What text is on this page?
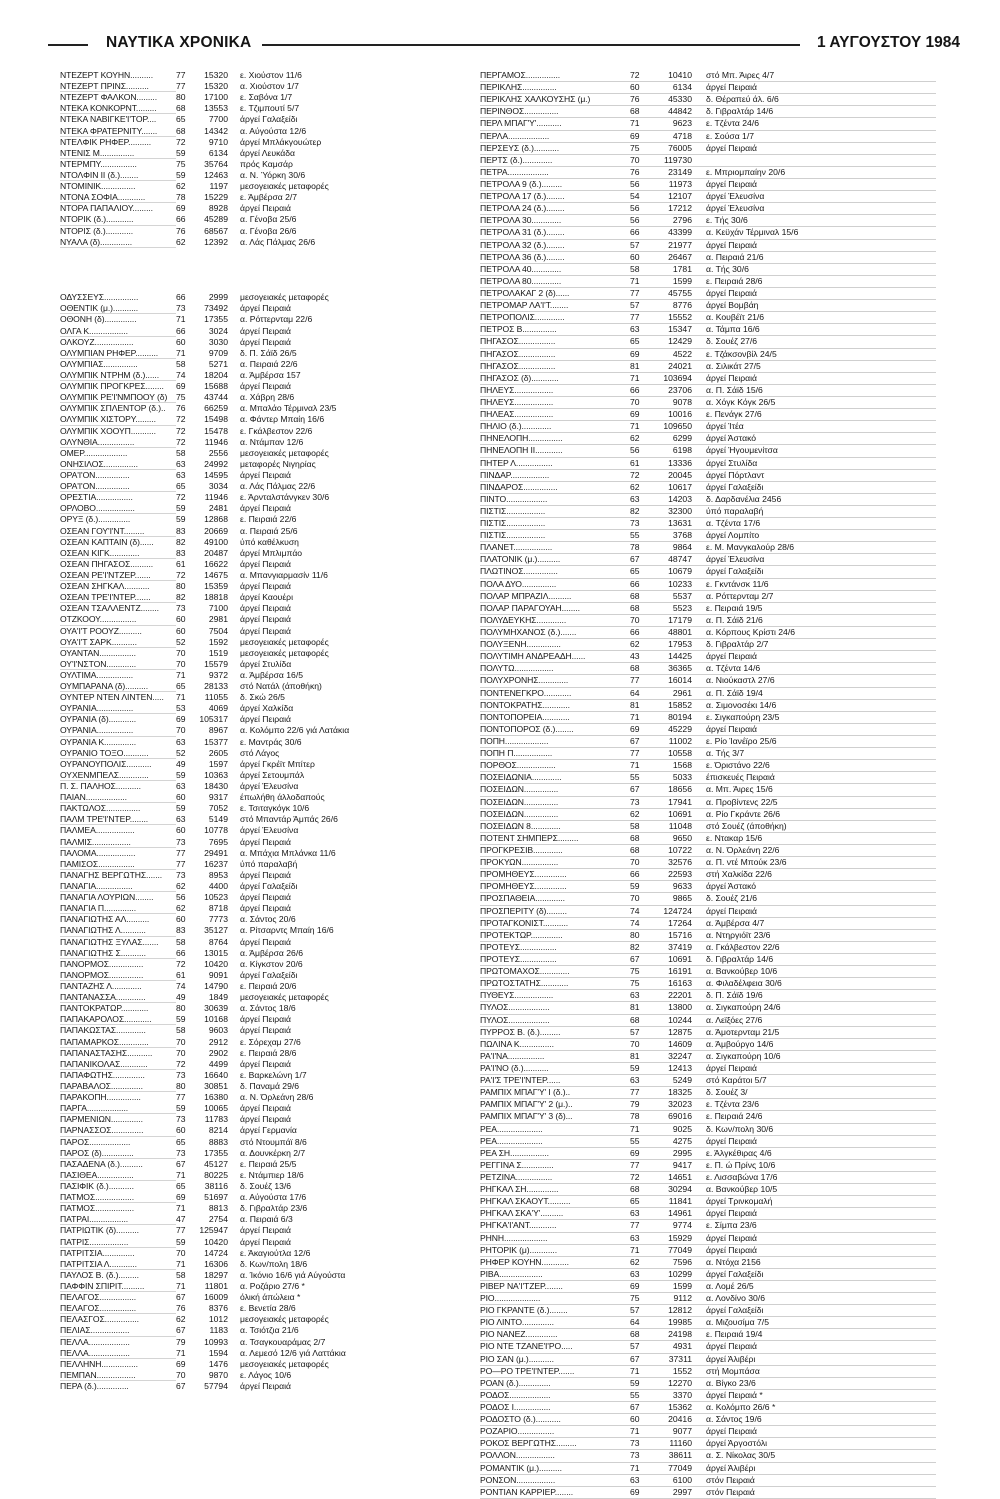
ΝΑΥΤΙΚΑ ΧΡΟΝΙΚΑ	1 ΑΥΓΟΥΣΤΟΥ 1984
ΝΤΕΖΕΡΤ ΚΟΥΗΝ..........	77	15320 ε. Χιούστον 11/6
ΝΤΕΖΕΡΤ ΠΡΙΝΣ..........	77	15320 α. Χιούστον 1/7
ΝΤΕΖΕΡΤ ΦΑΛΚΟΝ.........	80	17100 ε. Σαβόνα 1/7
ΝΤΕΚΑ ΚΟΝΚΟΡΝΤ.........	68	13553 ε. Τζιμπουτί 5/7
ΝΤΕΚΑ ΝΑΒΙΓΚΕ'Ι'ΤΟΡ....	65	7700 άργεί Γαλαξείδι
ΝΤΕΚΑ ΦΡΑΤΕΡΝΙΤΥ.......	68	14342 α. Αύγούστα 12/6
ΝΤΕΛΦΙΚ ΡΗΦΕΡ..........	72	9710 άργεί Μπλάκγουώτερ
ΝΤΕΝΙΣ Μ...............	59	6134 άργεί Λευκάδα
ΝΤΕΡΜΠΥ................	75	35764 πρός Καμσάρ
ΝΤΟΛΦΙΝ ΙΙ (δ.)........	59	12463 α. Ν. Ύόρκη 30/6
ΝΤΟΜΙΝΙΚ...............	62	1197 μεσογειακές μεταφορές
ΝΤΟΝΑ ΣΟΦΙΑ............	78	15229 ε. Άμβέρσα 2/7
ΝΤΟΡΑ ΠΑΠΑΛΙΟΥ.........	69	8928 άργεί Πειραιά
ΝΤΟΡΙΚ (δ.)............	66	45289 α. Γένοβα 25/6
ΝΤΟΡΙΣ (δ.)............	76	68567 α. Γένοβα 26/6
ΝΥΑΛΑ (δ)..............	62	12392 α. Λάς Πάλμας 26/6
ΟΔΥΣΣΕΥΣ...............	66	2999 μεσογειακές μεταφορές
ΟΘΕΝΤΙΚ (μ.)...........	73	73492 άργεί Πειραιά
ΟΘΟΝΗ (δ)..............	71	17355 α. Ρόττερνταμ 22/6
ΟΛΓΑ Κ.................	66	3024 άργεί Πειραιά
ΟΛΚΟΥΖ.................	60	3030 άργεί Πειραιά
ΟΛΥΜΠΙΑΝ ΡΗΦΕΡ..........	71	9709 δ. Π. Σάϊδ 26/5
ΟΛΥΜΠΙΑΣ...............	58	5271 α. Πειραιά 22/6
ΟΛΥΜΠΙΚ ΝΤΡΗΜ (δ.)......	74	18204 α. Άμβέρσα 157
ΟΛΥΜΠΙΚ ΠΡΟΓΚΡΕΣ........	69	15688 άργεί Πειραιά
ΟΛΥΜΠΙΚ ΡΕ'Ι'ΝΜΠΟΟΥ (δ)	75	43744 α. Χάβρη 28/6
ΟΛΥΜΠΙΚ ΣΠΛΕΝΤΟΡ (δ.)..	76	66259 α. Μπαλάο Τέρμιναλ 23/5
ΟΛΥΜΠΙΚ ΧΙΣΤΟΡΥ.........	72	15498 α. Φάντερ Μπαίη 16/6
ΟΛΥΜΠΙΚ ΧΟΟΥΠ...........	72	15478 ε. Γκάλβεστον 22/6
ΟΛΥΝΘΙΑ................	72	11946 α. Ντάμπαν 12/6
ΟΜΕΡ...................	58	2556 μεσογειακές μεταφορές
ΟΝΗΣΙΛΟΣ...............	63	24992 μεταφορές Νιγηρίας
ΟΡΑ'Ι'ΟΝ...............	63	14595 άργεί Πειραιά
ΟΡΑ'Ι'ΟΝ...............	65	3034 α. Λάς Πάλμας 22/6
ΟΡΕΣΤΙΑ................	72	11946 ε. Άρνταλστάνγκεν 30/6
ΟΡΛΟΒΟ.................	59	2481 άργεί Πειραιά
ΟΡΥΞ (δ.)..............	59	12868 ε. Πειραιά 22/6
ΟΣΕΑΝ ΓΟΥ'Ι'ΝΤ.........	83	20669 α. Πειραιά 25/6
ΟΣΕΑΝ ΚΑΠΤΑΙΝ (δ)......	82	49100 ύπό καθέλκυση
ΟΣΕΑΝ ΚΙΓΚ.............	83	20487 άργεί Μπλιμπάο
ΟΣΕΑΝ ΠΗΓΑΣΟΣ..........	61	16622 άργεί Πειραιά
ΟΣΕΑΝ ΡΕ'Ι'ΝΤΖΕΡ.......	72	14675 α. Μπανγιαρμασίν 11/6
ΟΣΕΑΝ ΣΗΓΚΑΛ...........	80	15359 άργεί Πειραιά
ΟΣΕΑΝ ΤΡΕ'Ι'ΝΤΕΡ.......	82	18818 άργεί Καουέρι
ΟΣΕΑΝ ΤΣΑΛΛΕΝΤΖ........	73	7100 άργεί Πειραιά
ΟΤΖΚΟΟΥ................	60	2981 άργεί Πειραιά
ΟΥΑ'Ι'Τ ΡΟΟΥΖ..........	60	7504 άργεί Πειραιά
ΟΥΑ'Ι'Τ ΣΑΡΚ...........	52	1592 μεσογειακές μεταφορές
ΟΥΑΝΤΑΝ................	70	1519 μεσογειακές μεταφορές
ΟΥ'Ι'ΝΣΤΟΝ.............	70	15579 άργεί Στυλίδα
ΟΥΛΤΙΜΑ................	71	9372 α. Άμβέρσα 16/5
ΟΥΜΠΑΡΑΝΑ (δ)..........	65	28133 στό Νατάλ (άποθήκη)
ΟΥΝΤΕΡ ΝΤΕΝ ΛΙΝΤΕΝ.....	71	11055 δ. Σκώ 26/5
ΟΥΡΑΝΙΑ................	53	4069 άργεί Χαλκίδα
ΟΥΡΑΝΙΑ (δ)............	69	105317 άργεί Πειραιά
ΟΥΡΑΝΙΑ................	70	8967 α. Κολόμπο 22/6 γιά Λατάκια
ΟΥΡΑΝΙΑ Κ..............	63	15377 ε. Μαντράς 30/6
ΟΥΡΑΝΙΟ ΤΟΞΟ...........	52	2605 στό Λάγος
ΟΥΡΑΝΟΥΠΟΛΙΣ...........	49	1597 άργεί Γκρέϊτ Μπίτερ
ΟΥΧΕΝΜΠΕΛΣ.............	59	10363 άργεί Σετουμπάλ
Π. Σ. ΠΑΛΗΟΣ...........	63	18430 άργεί Έλευσίνα
ΠΑΙΑΝ..................	60	9317 έπωλήθη άλλοδαπούς
ΠΑΚΤΩΛΟΣ...............	59	7052 ε. Τσιταγκόγκ 10/6
ΠΑΛΜ ΤΡΕ'Ι'ΝΤΕΡ........	63	5149 στό Μπαντάρ Άμπάς 26/6
ΠΑΛΜΕΑ.................	60	10778 άργεί Έλευσίνα
ΠΑΛΜΙΣ.................	73	7695 άργεί Πειραιά
ΠΑΛΟΜΑ.................	77	29491 α. Μπάχια Μπλάνκα 11/6
ΠΑΜΙΣΟΣ................	77	16237 ύπό παραλαβή
ΠΑΝΑΓΗΣ ΒΕΡΓΩΤΗΣ.......	73	8953 άργεί Πειραιά
ΠΑΝΑΓΙΑ................	62	4400 άργεί Γαλαξείδι
ΠΑΝΑΓΙΑ ΛΟΥΡΙΩΝ........	56	10523 άργεί Πειραιά
ΠΑΝΑΓΙΑ Π..............	62	8718 άργεί Πειραιά
ΠΑΝΑΓΙΩΤΗΣ ΑΛ..........	60	7773 α. Σάντος 20/6
ΠΑΝΑΓΙΩΤΗΣ Λ...........	83	35127 α. Ρίτσαρντς Μπαίη 16/6
ΠΑΝΑΓΙΩΤΗΣ ΞΥΛΑΣ.......	58	8764 άργεί Πειραιά
ΠΑΝΑΓΙΩΤΗΣ Σ...........	66	13015 α. Άμβέρσα 26/6
ΠΑΝΟΡΜΟΣ...............	72	10420 α. Κίγκστον 20/6
ΠΑΝΟΡΜΟΣ...............	61	9091 άργεί Γαλαξείδι
ΠΑΝΤΑΖΗΣ Λ.............	74	14790 ε. Πειραιά 20/6
ΠΑΝΤΑΝΑΣΣΑ.............	49	1849 μεσογειακές μεταφορές
ΠΑΝΤΟΚΡΑΤΩΡ............	80	30639 α. Σάντος 18/6
ΠΑΠΑΚΑΡΟΛΟΣ............	59	10168 άργεί Πειραιά
ΠΑΠΑΚΩΣΤΑΣ.............	58	9603 άργεί Πειραιά
ΠΑΠΑΜΑΡΚΟΣ.............	70	2912 ε. Σόρεχαμ 27/6
ΠΑΠΑΝΑΣΤΑΣΗΣ...........	70	2902 ε. Πειραιά 28/6
ΠΑΠΑΝΙΚΟΛΑΣ............	72	4499 άργεί Πειραιά
ΠΑΠΑΦΩΤΗΣ..............	73	16640 ε. Βαρκελώνη 1/7
ΠΑΡΑΒΑΛΟΣ..............	80	30851 δ. Παναμά 29/6
ΠΑΡΑΚΟΠΗ...............	77	16380 α. Ν. Όρλεάνη 28/6
ΠΑΡΓΑ..................	59	10065 άργεί Πειραιά
ΠΑΡΜΕΝΙΩΝ..............	73	11783 άργεί Πειραιά
ΠΑΡΝΑΣΣΟΣ..............	60	8214 άργεί Γερμανία
ΠΑΡΟΣ..................	65	8883 στό Ντουμπάϊ 8/6
ΠΑΡΟΣ (δ)..............	73	17355 α. Δουνκέρκη 2/7
ΠΑΣΑΔΕΝΑ (δ.)..........	67	45127 ε. Πειραιά 25/5
ΠΑΣΙΘΕΑ................	71	80225 ε. Ντάμπιερ 18/6
ΠΑΣΙΦΙΚ (δ.)...........	65	38116 δ. Σουέζ 13/6
ΠΑΤΜΟΣ.................	69	51697 α. Αύγούστα 17/6
ΠΑΤΜΟΣ.................	71	8813 δ. Γιβραλτάρ 23/6
ΠΑΤΡΑΙ.................	47	2754 α. Πειραιά 6/3
ΠΑΤΡΙΩΤΙΚ (δ)..........	77	125947 άργεί Πειραιά
ΠΑΤΡΙΣ.................	59	10420 άργεί Πειραιά
ΠΑΤΡΙΤΣΙΑ..............	70	14724 ε. Άκαγιούτλα 12/6
ΠΑΤΡΙΤΣΙΑ Λ............	71	16306 δ. Κων/πολη 18/6
ΠΑΥΛΟΣ Β. (δ.).........	58	18297 α. Ίκόνιο 16/6 γιά Αύγούστα
ΠΑΦΦΙΝ ΣΠΙΡΙΤ..........	71	11801 α. Ροζάριο 27/6 *
ΠΕΛΑΓΟΣ................	67	16009 όλική άπώλεια *
ΠΕΛΑΓΟΣ................	76	8376 ε. Βενετία 28/6
ΠΕΛΑΣΓΟΣ...............	62	1012 μεσογειακές μεταφορές
ΠΕΛΙΑΣ.................	67	1183 α. Τσιότζια 21/6
ΠΕΛΛΑ..................	79	10993 α. Τσαγκουαράμας 2/7
ΠΕΛΛΑ..................	71	1594 α. Λεμεσό 12/6 γιά Λαττάκια
ΠΕΛΛΗΝΗ................	69	1476 μεσογειακές μεταφορές
ΠΕΜΠΑΝ.................	70	9870 ε. Λάγος 10/6
ΠΕΡΑ (δ.)..............	67	57794 άργεί Πειραιά
ΠΕΡΓΑΜΟΣ...............	72	10410 στό Μπ. Άιρες 4/7
ΠΕΡΙΚΛΗΣ...............	60	6134 άργεί Πειραιά
ΠΕΡΙΚΛΗΣ ΧΑΛΚΟΥΣΗΣ (μ.)	76	45330 δ. Θέραπεύ άλ. 6/6
ΠΕΡΙΝΘΟΣ...............	68	44842 δ. Γιβραλτάρ 14/6
ΠΕΡΛ ΜΠΑΓ'Υ'...........	71	9623 ε. Τζέντα 24/6
ΠΕΡΛΑ..................	69	4718 ε. Σούσα 1/7
ΠΕΡΣΕΥΣ (δ.)...........	75	76005 άργεί Πειραιά
ΠΕΡΤΣ (δ.).............	70	119730
ΠΕΤΡΑ..................	76	23149 ε. Μπριομπαίην 20/6
ΠΕΤΡΟΛΑ 9 (δ.).........	56	11973 άργεί Πειραιά
ΠΕΤΡΟΛΑ 17 (δ.)........	54	12107 άργεί Έλευσίνα
ΠΕΤΡΟΛΑ 24 (δ.)........	56	17212 άργεί Έλευσίνα
ΠΕΤΡΟΛΑ 30.............	56	2796 ε. Τής 30/6
ΠΕΤΡΟΛΑ 31 (δ.)........	66	43399 α. Κεϋχάν Τέρμιναλ 15/6
ΠΕΤΡΟΛΑ 32 (δ.)........	57	21977 άργεί Πειραιά
ΠΕΤΡΟΛΑ 36 (δ.)........	60	26467 α. Πειραιά 21/6
ΠΕΤΡΟΛΑ 40.............	58	1781 α. Τής 30/6
ΠΕΤΡΟΛΑ 80.............	71	1599 ε. Πειραιά 28/6
ΠΕΤΡΟΛΑΚΑΓ 2 (δ)......	77	45755 άργεί Πειραιά
ΠΕΤΡΟΜΑΡ ΛΑ'Ι'Τ........	57	8776 άργεί Βομβάη
ΠΕΤΡΟΠΟΛΙΣ.............	77	15552 α. Κουβέϊτ 21/6
ΠΕΤΡΟΣ Β...............	63	15347 α. Τάμπα 16/6
ΠΗΓΑΣΟΣ................	65	12429 δ. Σουέζ 27/6
ΠΗΓΑΣΟΣ................	69	4522 ε. Τζάκσονβίλ 24/5
ΠΗΓΑΣΟΣ................	81	24021 α. Σιλικάτ 27/5
ΠΗΓΑΣΟΣ (δ)............	71	103694 άργεί Πειραιά
ΠΗΛΕΥΣ.................	66	23706 α. Π. Σάϊδ 15/6
ΠΗΛΕΥΣ.................	70	9078 α. Χόγκ Κόγκ 26/5
ΠΗΛΕΑΣ.................	69	10016 ε. Πενάγκ 27/6
ΠΗΛΙΟ (δ.).............	71	109650 άργεί Ίτέα
ΠΗΝΕΛΟΠΗ...............	62	6299 άργεί Άστακό
ΠΗΝΕΛΟΠΗ ΙΙ............	56	6198 άργεί Ήγουμενίτσα
ΠΗΤΕΡ Λ................	61	13336 άργεί Στυλίδα
ΠΙΝΔΑΡ.................	72	20045 άργεί Πόρτλαντ
ΠΙΝΔΑΡΟΣ...............	62	10617 άργεί Γαλαξείδι
ΠΙΝΤΟ..................	63	14203 δ. Δαρδανέλια 2456
ΠΙΣΤΙΣ.................	82	32300 ύπό παραλαβή
ΠΙΣΤΙΣ.................	73	13631 α. Τζέντα 17/6
ΠΙΣΤΙΣ.................	55	3768 άργεί Λομπίτο
ΠΛΑΝΕΤ.................	78	9864 ε. Μ. Μανγκαλούρ 28/6
ΠΛΑΤΟΝΙΚ (μ.)..........	67	48747 άργεί Έλευσίνα
ΠΛΩΤΙΝΟΣ...............	65	10679 άργεί Γαλαξείδι
ΠΟΛΑ ΔΥΟ...............	66	10233 ε. Γκντάνσκ 11/6
ΠΟΛΑΡ ΜΠΡΑΖΙΛ..........	68	5537 α. Ρόττερνταμ 2/7
ΠΟΛΑΡ ΠΑΡΑΓΟΥΑΗ........	68	5523 ε. Πειραιά 19/5
ΠΟΛΥΔΕΥΚΗΣ.............	70	17179 α. Π. Σάϊδ 21/6
ΠΟΛΥΜΗΧΑΝΟΣ (δ.).......	66	48801 α. Κόρπους Κρίστι 24/6
ΠΟΛΥΞΕΝΗ...............	62	17953 δ. Γιβραλτάρ 2/7
ΠΟΛΥΤΙΜΗ ΑΝΔΡΕΑΔΗ......	43	14425 άργεί Πειραιά
ΠΟΛΥΤΩ.................	68	36365 α. Τζέντα 14/6
ΠΟΛΥΧΡΟΝΗΣ.............	77	16014 α. Νιούκαστλ 27/6
ΠΟΝΤΕΝΕΓΚΡΟ............	64	2961 α. Π. Σάϊδ 19/4
ΠΟΝΤΟΚΡΑΤΗΣ............	81	15852 α. Σιμονοσέκι 14/6
ΠΟΝΤΟΠΟΡΕΙΑ............	71	80194 ε. Σιγκαπούρη 23/5
ΠΟΝΤΟΠΟΡΟΣ (δ.)........	69	45229 άργεί Πειραιά
ΠΟΠΗ...................	67	11002 ε. Ρίο Ίανέϊρο 25/6
ΠΟΠΗ Π.................	77	10558 α. Τής 3/7
ΠΟΡΘΟΣ.................	71	1568 ε. Όριστάνο 22/6
ΠΟΣΕΙΔΩΝΙΑ.............	55	5033 έπισκευές Πειραιά
ΠΟΣΕΙΔΩΝ...............	67	18656 α. Μπ. Άιρες 15/6
ΠΟΣΕΙΔΩΝ...............	73	17941 α. Προβίντενς 22/5
ΠΟΣΕΙΔΩΝ...............	62	10691 α. Ρίο Γκράντε 26/6
ΠΟΣΕΙΔΩΝ 8.............	58	11048 στό Σουέζ (άποθήκη)
ΠΟΤΕΝΤ ΣΗΜΠΕΡΣ.........	68	9650 ε. Ντακαρ 15/6
ΠΡΟΓΚΡΕΣΙΒ.............	68	10722 α. Ν. Όρλεάνη 22/6
ΠΡΟΚΥΩΝ................	70	32576 α. Π. ντέ Μπούκ 23/6
ΠΡΟΜΗΘΕΥΣ..............	66	22593 στή Χαλκίδα 22/6
ΠΡΟΜΗΘΕΥΣ..............	59	9633 άργεί Άστακό
ΠΡΟΣΠΑΘΕΙΑ.............	70	9865 δ. Σουέζ 21/6
ΠΡΟΣΠΕΡΙΤΥ (δ).........	74	124724 άργεί Πειραιά
ΠΡΟΤΑΓΚΟΝΙΣΤ...........	74	17264 α. Άμβέρσα 4/7
ΠΡΟΤΕΚΤΩΡ..............	80	15716 α. Ντηργιόϊτ 23/6
ΠΡΟΤΕΥΣ................	82	37419 α. Γκάλβεστον 22/6
ΠΡΟΤΕΥΣ................	67	10691 δ. Γιβραλτάρ 14/6
ΠΡΩΤΟΜΑΧΟΣ.............	75	16191 α. Βανκούβερ 10/6
ΠΡΩΤΟΣΤΑΤΗΣ............	75	16163 α. Φιλαδέλφεια 30/6
ΠΥΘΕΥΣ.................	63	22201 δ. Π. Σάϊδ 19/6
ΠΥΛΟΣ..................	81	13800 α. Σιγκαπούρη 24/6
ΠΥΛΟΣ..................	68	10244 α. Λεϊξόες 27/6
ΠΥΡΡΟΣ Β. (δ.).........	57	12875 α. Άμοτερνταμ 21/5
ΠΩΛΙΝΑ Κ...............	70	14609 α. Άμβούργο 14/6
ΡΑ'Ι'ΝΑ................	81	32247 α. Σιγκαπούρη 10/6
ΡΑ'Ι'ΝΟ (δ.)...........	59	12413 άργεί Πειραιά
ΡΑ'Ι'Σ ΤΡΕ'Ι'ΝΤΕΡ......	63	5249 στό Καράτοι 5/7
ΡΑΜΠΙΧ ΜΠΑΓ'Υ' Ι (δ.)..	77	18325 δ. Σουέζ 3/
ΡΑΜΠΙΧ ΜΠΑΓ'Υ' 2 (μ.)..	79	32023 ε. Τζέντα 23/6
ΡΑΜΠΙΧ ΜΠΑΓ'Υ' 3 (δ)...	78	69016 ε. Πειραιά 24/6
ΡΕΑ....................	71	9025 δ. Κων/πολη 30/6
ΡΕΑ....................	55	4275 άργεί Πειραιά
ΡΕΑ ΣΗ.................	69	2995 ε. Άλγκέθιρας 4/6
ΡΕΓΓΙΝΑ Σ..............	77	9417 ε. Π. ώ Πρίνς 10/6
ΡΕΤΖΙΝΑ................	72	14651 ε. Λισσαβώνα 17/6
ΡΗΓΚΑΛ ΣΗ..............	68	30294 α. Βανκούβερ 10/5
ΡΗΓΚΑΛ ΣΚΑΟΥΤ..........	65	11841 άργεί Τρινκομαλή
ΡΗΓΚΑΛ ΣΚΑ'Υ'..........	63	14961 άργεί Πειραιά
ΡΗΓΚΑ'Ι'ΑΝΤ............	77	9774 ε. Σίμπα 23/6
ΡΗΝΗ...................	63	15929 άργεί Πειραιά
ΡΗΤΟΡΙΚ (μ)............	71	77049 άργεί Πειραιά
ΡΗΦΕΡ ΚΟΥΗΝ............	62	7596 α. Ντόχα 2156
ΡΙΒΑ...................	63	10299 άργεί Γαλαξείδι
ΡΙΒΕΡ ΝΑ'Ι'ΤΖΕΡ........	69	1599 α. Λομέ 26/5
ΡΙΟ....................	75	9112 α. Λονδίνο 30/6
ΡΙΟ ΓΚΡΑΝΤΕ (δ.)........	57	12812 άργεί Γαλαξείδι
ΡΙΟ ΛΙΝΤΟ..............	64	19985 α. Μιζουσίμα 7/5
ΡΙΟ ΝΑΝΕΖ..............	68	24198 ε. Πειραιά 19/4
ΡΙΟ ΝΤΕ ΤΖΑΝΕ'Ι'ΡΟ.....	57	4931 άργεί Πειραιά
ΡΙΟ ΣΑΝ (μ.)...........	67	37311 άργεί Άλιβέρι
ΡΟ—ΡΟ ΤΡΕ'Ι'ΝΤΕΡ.......	71	1552 στή Μομπάσα
ΡΟΑΝ (δ.)..............	59	12270 α. Βίγκο 23/6
ΡΟΔΟΣ..................	55	3370 άργεί Πειραιά *
ΡΟΔΟΣ Ι................	67	15362 α. Κολόμπο 26/6 *
ΡΟΔΟΣΤΟ (δ.)...........	60	20416 α. Σάντος 19/6
ΡΟΖΑΡΙΟ................	71	9077 άργεί Πειραιά
ΡΟΚΟΣ ΒΕΡΓΩΤΗΣ.........	73	11160 άργεί Άργοστόλι
ΡΟΛΛΟΝ.................	73	38611 α. Σ. Νίκολας 30/5
ΡΟΜΑΝΤΙΚ (μ.)..........	71	77049 άργεί Άλιβέρι
ΡΟΝΣΟΝ.................	63	6100 στόν Πειραιά
ΡΟΝΤΙΑΝ ΚΑΡΡΙΕΡ........	69	2997 στόν Πειραιά
